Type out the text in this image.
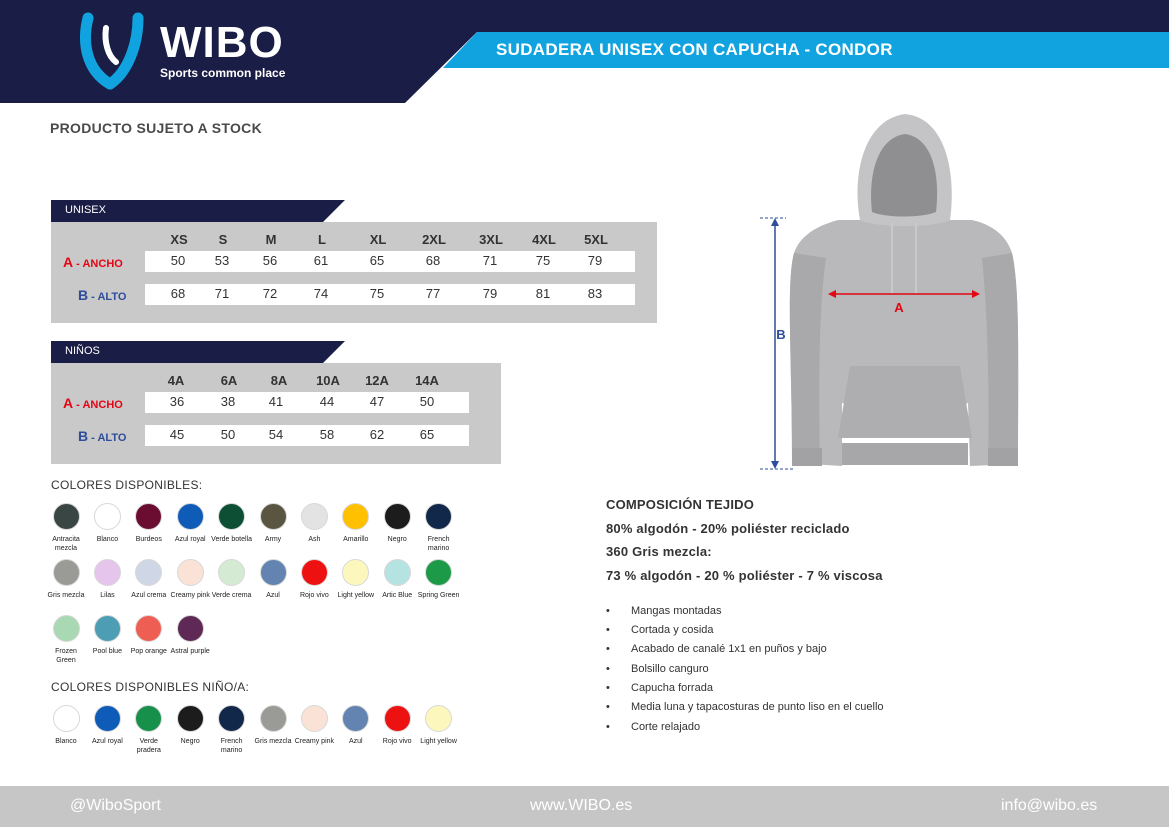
WIBO
Sports common place
SUDADERA UNISEX CON CAPUCHA - CONDOR
PRODUCTO SUJETO A STOCK
UNISEX
XS	S	M	L	XL	2XL	3XL	4XL	5XL
A - ANCHO	50	53	56	61	65	68	71	75	79
B - ALTO	68	71	72	74	75	77	79	81	83
NIÑOS
4A	6A	8A	10A	12A	14A
A - ANCHO	36	38	41	44	47	50
B - ALTO	45	50	54	58	62	65
COLORES DISPONIBLES:
Antracita mezcla
Blanco	Burdeos	Azul royal Verde botella	Army	Ash	Amarillo	Negro	French marino
Gris mezcla	Lilas	Azul crema Creamy pink Verde crema	Azul	Rojo vivo	Light yellow	Artic Blue Spring Green
Frozen Green
Pool blue	Pop orange Astral purple
COLORES DISPONIBLES NIÑO/A:
Blanco	Azul royal	Verde pradera
Negro	French marino
Gris mezcla Creamy pink	Azul	Rojo vivo	Light yellow
A
B
COMPOSICIÓN TEJIDO
80% algodón - 20% poliéster reciclado
360 Gris mezcla:
73 % algodón - 20 % poliéster - 7 % viscosa
• Mangas montadas
• Cortada y cosida
• Acabado de canalé 1x1 en puños y bajo
• Bolsillo canguro
• Capucha forrada
• Media luna y tapacosturas de punto liso en el cuello
• Corte relajado
@WiboSport	www.WIBO.es	info@wibo.es
